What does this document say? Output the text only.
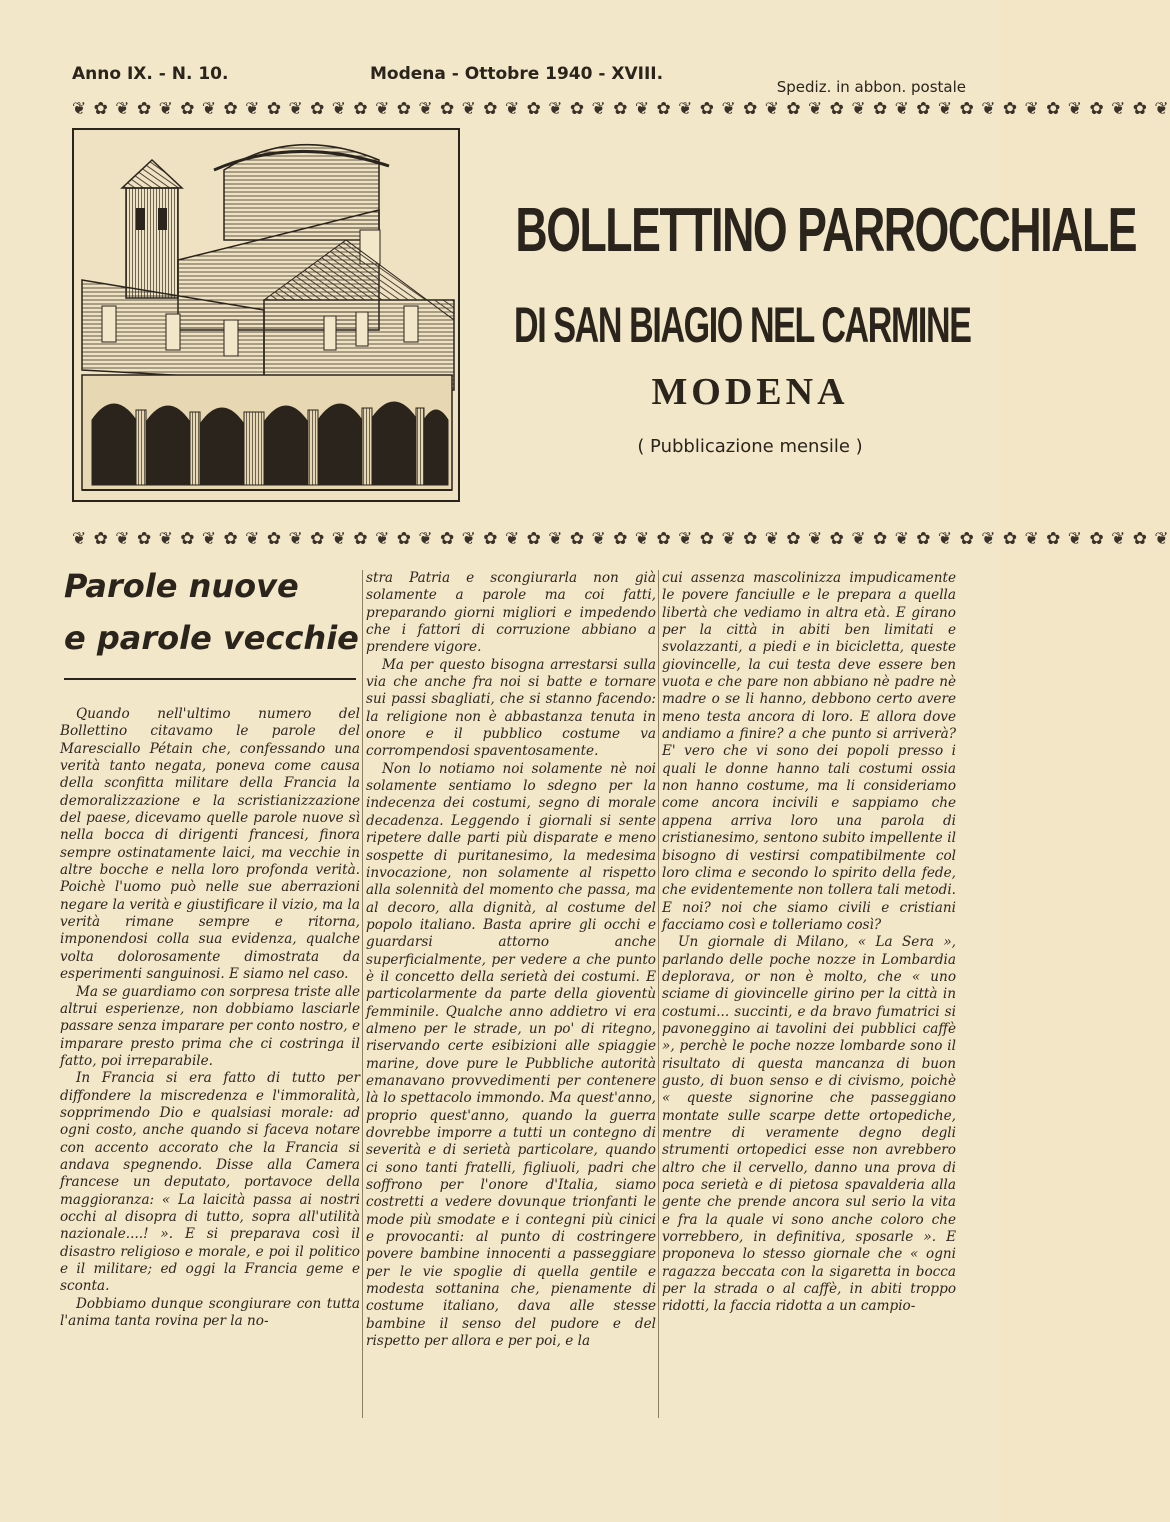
Anno IX. - N. 10.	Modena - Ottobre 1940 - XVIII.
Spediz. in abbon. postale
❦ ✿ ❦ ✿ ❦ ✿ ❦ ✿ ❦ ✿ ❦ ✿ ❦ ✿ ❦ ✿ ❦ ✿ ❦ ✿ ❦ ✿ ❦ ✿ ❦ ✿ ❦ ✿ ❦ ✿ ❦ ✿ ❦ ✿ ❦ ✿ ❦ ✿ ❦ ✿ ❦ ✿ ❦ ✿ ❦ ✿ ❦ ✿ ❦ ✿ ❦
BOLLETTINO PARROCCHIALE
DI SAN BIAGIO NEL CARMINE
MODENA
( Pubblicazione mensile )
❦ ✿ ❦ ✿ ❦ ✿ ❦ ✿ ❦ ✿ ❦ ✿ ❦ ✿ ❦ ✿ ❦ ✿ ❦ ✿ ❦ ✿ ❦ ✿ ❦ ✿ ❦ ✿ ❦ ✿ ❦ ✿ ❦ ✿ ❦ ✿ ❦ ✿ ❦ ✿ ❦ ✿ ❦ ✿ ❦ ✿ ❦ ✿ ❦ ✿ ❦
Parole nuove
e parole vecchie

Quando nell'ultimo numero del Bollettino citavamo le parole del Maresciallo Pétain che, confessando una verità tanto negata, poneva come causa della sconfitta militare della Francia la demoralizzazione e la scristianizzazione del paese, dicevamo quelle parole nuove sì nella bocca di dirigenti francesi, finora sempre ostinatamente laici, ma vecchie in altre bocche e nella loro profonda verità. Poichè l'uomo può nelle sue aberrazioni negare la verità e giustificare il vizio, ma la verità rimane sempre e ritorna, imponendosi colla sua evidenza, qualche volta dolorosamente dimostrata da esperimenti sanguinosi. E siamo nel caso.

Ma se guardiamo con sorpresa triste alle altrui esperienze, non dobbiamo lasciarle passare senza imparare per conto nostro, e imparare presto prima che ci costringa il fatto, poi irreparabile.

In Francia si era fatto di tutto per diffondere la miscredenza e l'immoralità, sopprimendo Dio e qualsiasi morale: ad ogni costo, anche quando si faceva notare con accento accorato che la Francia si andava spegnendo. Disse alla Camera francese un deputato, portavoce della maggioranza: « La laicità passa ai nostri occhi al disopra di tutto, sopra all'utilità nazionale....! ». E si preparava così il disastro religioso e morale, e poi il politico e il militare; ed oggi la Francia geme e sconta.

Dobbiamo dunque scongiurare con tutta l'anima tanta rovina per la no-

stra Patria e scongiurarla non già solamente a parole ma coi fatti, preparando giorni migliori e impedendo che i fattori di corruzione abbiano a prendere vigore.

Ma per questo bisogna arrestarsi sulla via che anche fra noi si batte e tornare sui passi sbagliati, che si stanno facendo: la religione non è abbastanza tenuta in onore e il pubblico costume va corrompendosi spaventosamente.

Non lo notiamo noi solamente nè noi solamente sentiamo lo sdegno per la indecenza dei costumi, segno di morale decadenza. Leggendo i giornali si sente ripetere dalle parti più disparate e meno sospette di puritanesimo, la medesima invocazione, non solamente al rispetto alla solennità del momento che passa, ma al decoro, alla dignità, al costume del popolo italiano. Basta aprire gli occhi e guardarsi attorno anche superficialmente, per vedere a che punto è il concetto della serietà dei costumi. E particolarmente da parte della gioventù femminile. Qualche anno addietro vi era almeno per le strade, un po' di ritegno, riservando certe esibizioni alle spiaggie marine, dove pure le Pubbliche autorità emanavano provvedimenti per contenere là lo spettacolo immondo. Ma quest'anno, proprio quest'anno, quando la guerra dovrebbe imporre a tutti un contegno di severità e di serietà particolare, quando ci sono tanti fratelli, figliuoli, padri che soffrono per l'onore d'Italia, siamo costretti a vedere dovunque trionfanti le mode più smodate e i contegni più cinici e provocanti: al punto di costringere povere bambine innocenti a passeggiare per le vie spoglie di quella gentile e modesta sottanina che, pienamente di costume italiano, dava alle stesse bambine il senso del pudore e del rispetto per allora e per poi, e la

cui assenza mascolinizza impudicamente le povere fanciulle e le prepara a quella libertà che vediamo in altra età. E girano per la città in abiti ben limitati e svolazzanti, a piedi e in bicicletta, queste giovincelle, la cui testa deve essere ben vuota e che pare non abbiano nè padre nè madre o se li hanno, debbono certo avere meno testa ancora di loro. E allora dove andiamo a finire? a che punto si arriverà? E' vero che vi sono dei popoli presso i quali le donne hanno tali costumi ossia non hanno costume, ma li consideriamo come ancora incivili e sappiamo che appena arriva loro una parola di cristianesimo, sentono subito impellente il bisogno di vestirsi compatibilmente col loro clima e secondo lo spirito della fede, che evidentemente non tollera tali metodi. E noi? noi che siamo civili e cristiani facciamo così e tolleriamo così?

Un giornale di Milano, « La Sera », parlando delle poche nozze in Lombardia deplorava, or non è molto, che « uno sciame di giovincelle girino per la città in costumi... succinti, e da bravo fumatrici si pavoneggino ai tavolini dei pubblici caffè », perchè le poche nozze lombarde sono il risultato di questa mancanza di buon gusto, di buon senso e di civismo, poichè « queste signorine che passeggiano montate sulle scarpe dette ortopediche, mentre di veramente degno degli strumenti ortopedici esse non avrebbero altro che il cervello, danno una prova di poca serietà e di pietosa spavalderia alla gente che prende ancora sul serio la vita e fra la quale vi sono anche coloro che vorrebbero, in definitiva, sposarle ». E proponeva lo stesso giornale che « ogni ragazza beccata con la sigaretta in bocca per la strada o al caffè, in abiti troppo ridotti, la faccia ridotta a un campio-
